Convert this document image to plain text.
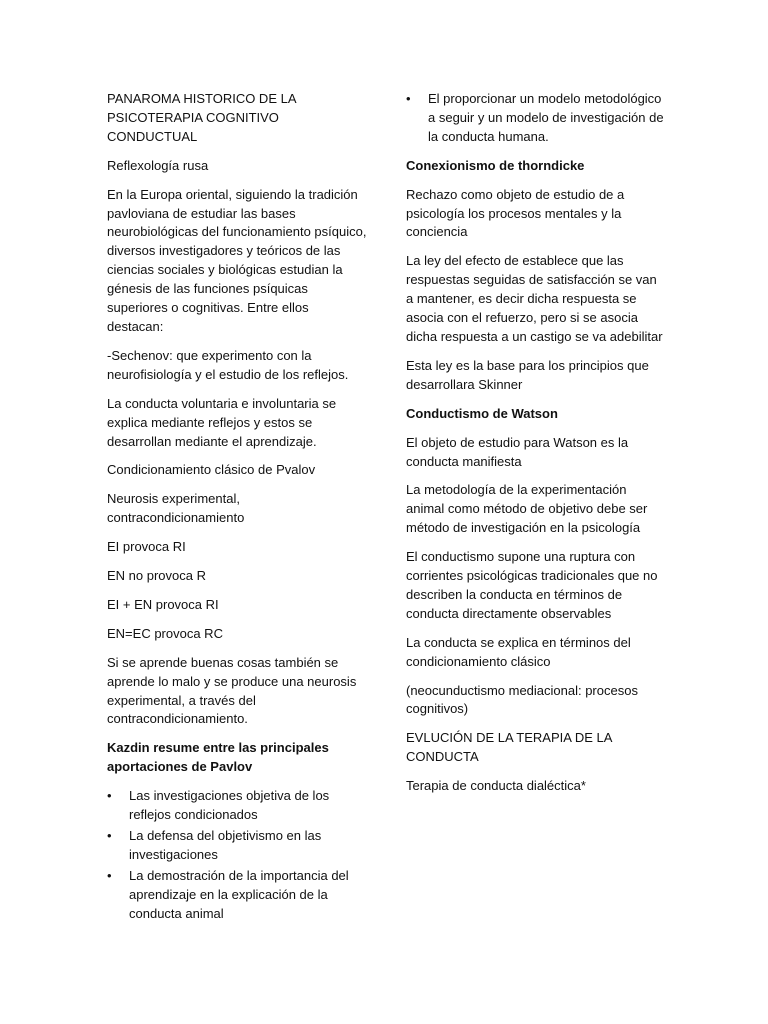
PANAROMA HISTORICO DE LA PSICOTERAPIA COGNITIVO CONDUCTUAL

Reflexología rusa

En la Europa oriental, siguiendo la tradición pavloviana de estudiar las bases neurobiológicas del funcionamiento psíquico, diversos investigadores y teóricos de las ciencias sociales y biológicas estudian la génesis de las funciones psíquicas superiores o cognitivas. Entre ellos destacan:

-Sechenov: que experimento con la neurofisiología y el estudio de los reflejos.

La conducta voluntaria e involuntaria se explica mediante reflejos y estos se desarrollan mediante el aprendizaje.

Condicionamiento clásico de Pvalov

Neurosis experimental, contracondicionamiento

EI provoca RI

EN no provoca R

EI + EN provoca RI

EN=EC provoca RC

Si se aprende buenas cosas también se aprende lo malo y se produce una neurosis experimental, a través del contracondicionamiento.

Kazdin resume entre las principales aportaciones de Pavlov

• Las investigaciones objetiva de los reflejos condicionados
• La defensa del objetivismo en las investigaciones
• La demostración de la importancia del aprendizaje en la explicación de la conducta animal
• El proporcionar un modelo metodológico a seguir y un modelo de investigación de la conducta humana.

Conexionismo de thorndicke

Rechazo como objeto de estudio de a psicología los procesos mentales y la conciencia

La ley del efecto de establece que las respuestas seguidas de satisfacción se van a mantener, es decir dicha respuesta se asocia con el refuerzo, pero si se asocia dicha respuesta a un castigo se va adebilitar

Esta ley es la base para los principios que desarrollara Skinner

Conductismo de Watson

El objeto de estudio para Watson es la conducta manifiesta

La metodología de la experimentación animal como método de objetivo debe ser método de investigación en la psicología

El conductismo supone una ruptura con corrientes psicológicas tradicionales que no describen la conducta en términos de conducta directamente observables

La conducta se explica en términos del condicionamiento clásico

(neocunductismo mediacional: procesos cognitivos)

EVLUCIÓN DE LA TERAPIA DE LA CONDUCTA

Terapia de conducta dialéctica*
